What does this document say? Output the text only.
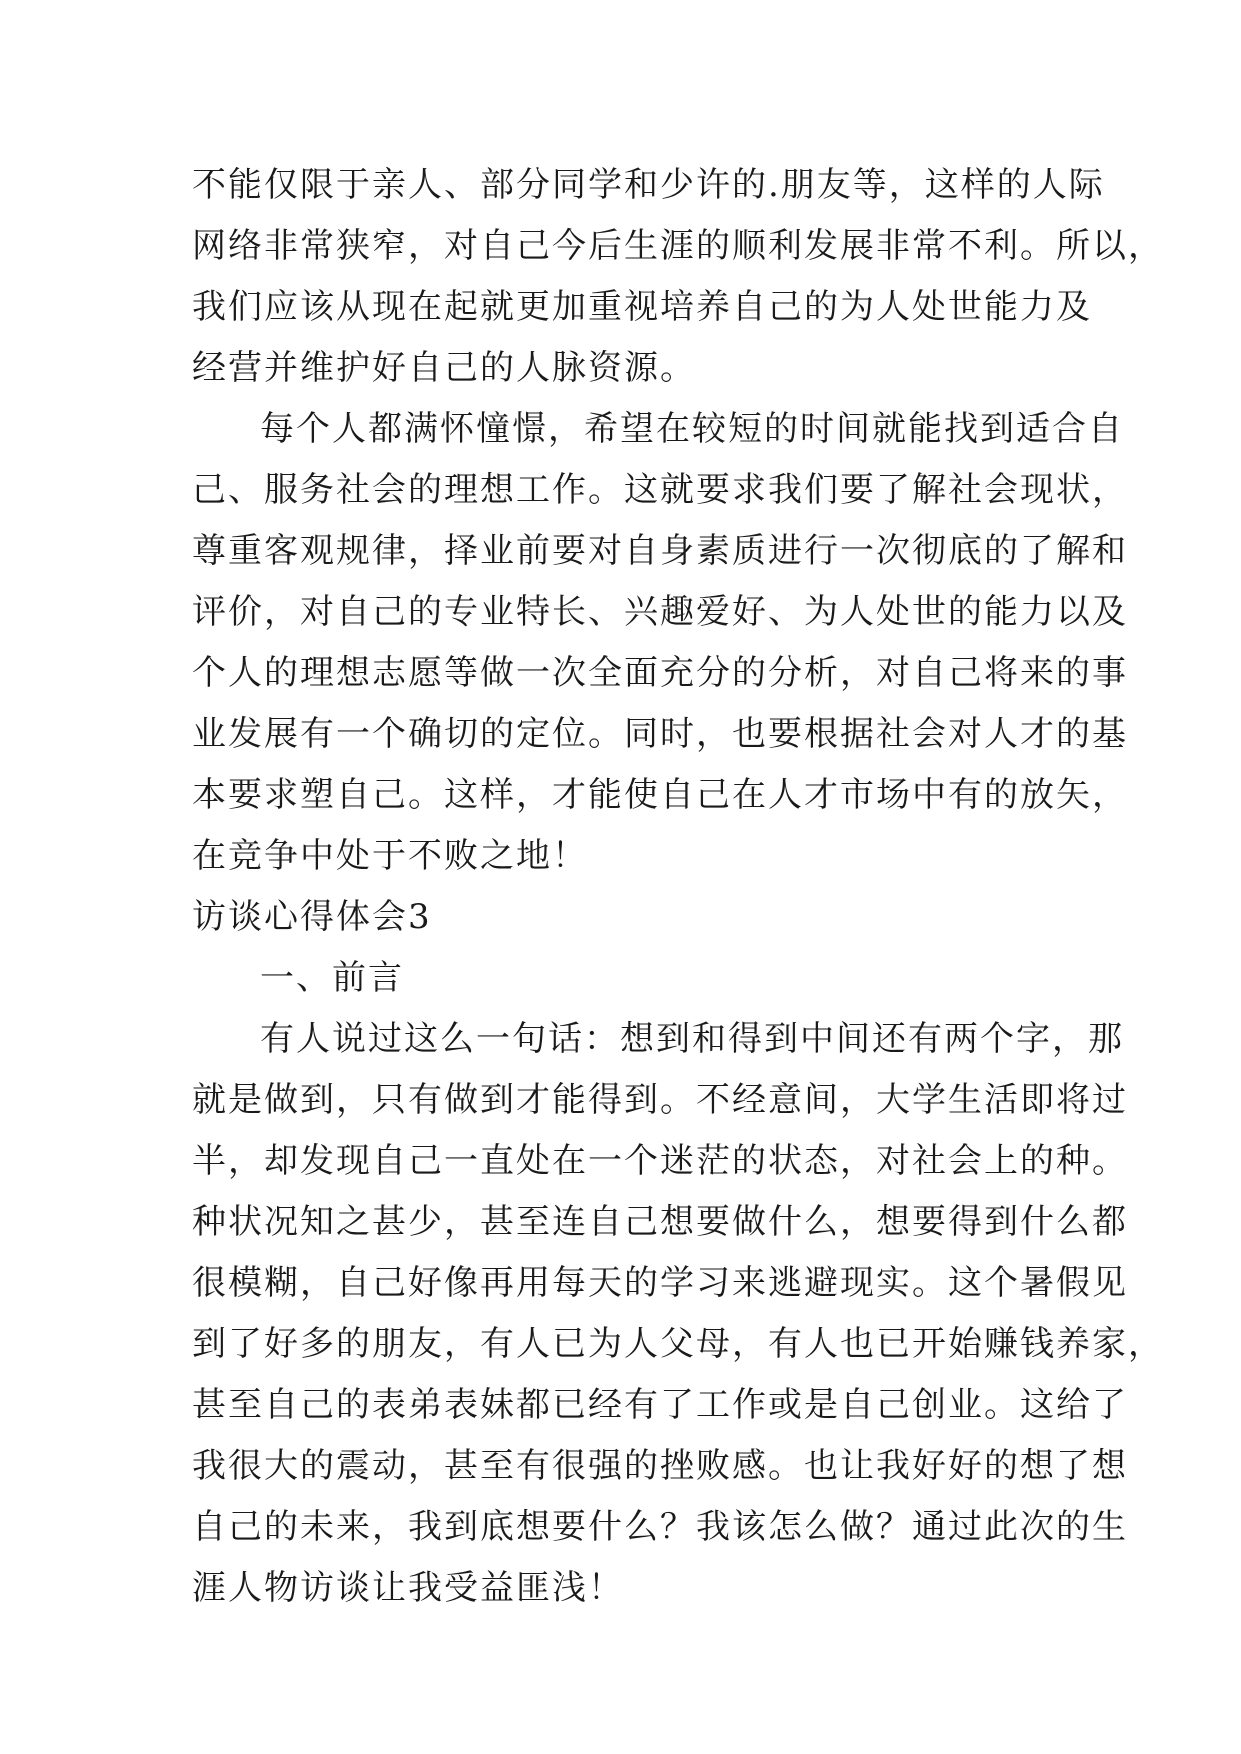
不能仅限于亲人、部分同学和少许的.朋友等，这样的人际
网络非常狭窄，对自己今后生涯的顺利发展非常不利。所以，
我们应该从现在起就更加重视培养自己的为人处世能力及
经营并维护好自己的人脉资源。
每个人都满怀憧憬，希望在较短的时间就能找到适合自
己、服务社会的理想工作。这就要求我们要了解社会现状，
尊重客观规律，择业前要对自身素质进行一次彻底的了解和
评价，对自己的专业特长、兴趣爱好、为人处世的能力以及
个人的理想志愿等做一次全面充分的分析，对自己将来的事
业发展有一个确切的定位。同时，也要根据社会对人才的基
本要求塑自己。这样，才能使自己在人才市场中有的放矢，
在竞争中处于不败之地！
访谈心得体会3
一、前言
有人说过这么一句话：想到和得到中间还有两个字，那
就是做到，只有做到才能得到。不经意间，大学生活即将过
半，却发现自己一直处在一个迷茫的状态，对社会上的种。
种状况知之甚少，甚至连自己想要做什么，想要得到什么都
很模糊，自己好像再用每天的学习来逃避现实。这个暑假见
到了好多的朋友，有人已为人父母，有人也已开始赚钱养家，
甚至自己的表弟表妹都已经有了工作或是自己创业。这给了
我很大的震动，甚至有很强的挫败感。也让我好好的想了想
自己的未来，我到底想要什么？我该怎么做？通过此次的生
涯人物访谈让我受益匪浅！
